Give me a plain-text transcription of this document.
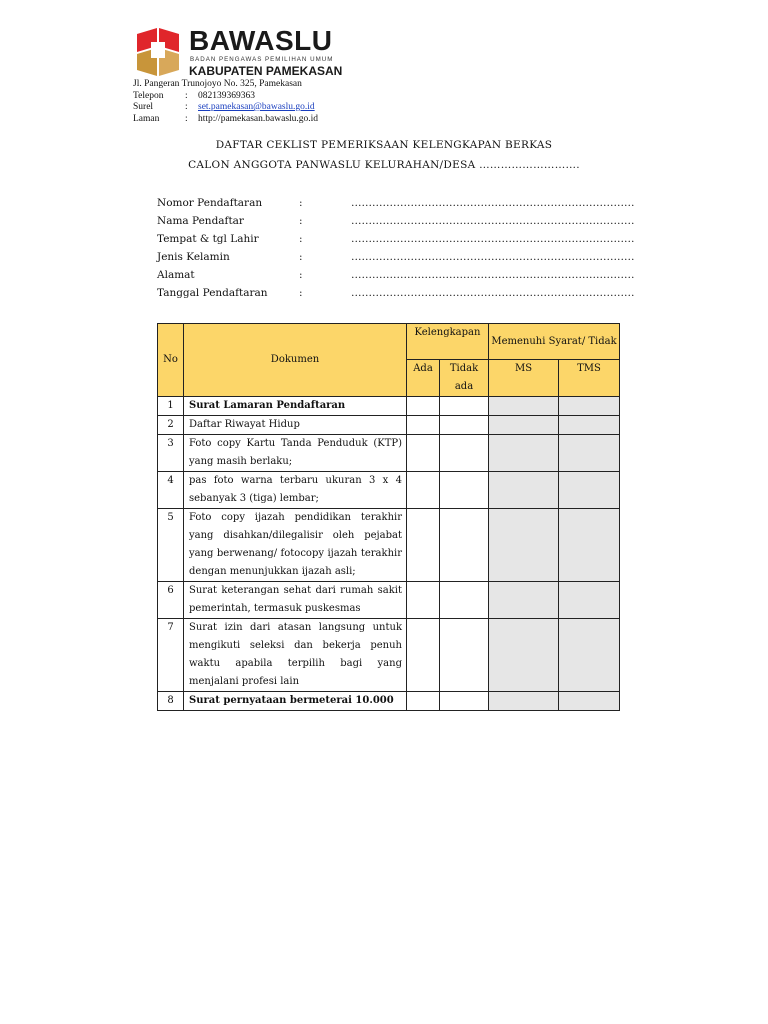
BAWASLU
BADAN PENGAWAS PEMILIHAN UMUM
KABUPATEN PAMEKASAN
Jl. Pangeran Trunojoyo No. 325, Pamekasan
Telepon	:	082139369363
Surel	:	set.pamekasan@bawaslu.go.id
Laman	:	http://pamekasan.bawaslu.go.id
DAFTAR CEKLIST PEMERIKSAAN KELENGKAPAN BERKAS
CALON ANGGOTA PANWASLU KELURAHAN/DESA ……………………….
Nomor Pendaftaran	:	………………………………………………………………………
Nama Pendaftar	:	………………………………………………………………………
Tempat & tgl Lahir	:	………………………………………………………………………
Jenis Kelamin	:	………………………………………………………………………
Alamat	:	………………………………………………………………………
Tanggal Pendaftaran	:	………………………………………………………………………
No	Dokumen	Kelengkapan		Memenuhi Syarat/ Tidak	
		Ada	Tidak ada	MS	TMS
1	Surat Lamaran Pendaftaran				
2	Daftar Riwayat Hidup				
3	Foto copy Kartu Tanda Penduduk (KTP) yang masih berlaku;				
4	pas foto warna terbaru ukuran 3 x 4 sebanyak 3 (tiga) lembar;				
5	Foto copy ijazah pendidikan terakhir yang disahkan/dilegalisir oleh pejabat yang berwenang/ fotocopy ijazah terakhir dengan menunjukkan ijazah asli;				
6	Surat keterangan sehat dari rumah sakit pemerintah, termasuk puskesmas				
7	Surat izin dari atasan langsung untuk mengikuti seleksi dan bekerja penuh waktu apabila terpilih bagi yang menjalani profesi lain				
8	Surat pernyataan bermeterai 10.000				
